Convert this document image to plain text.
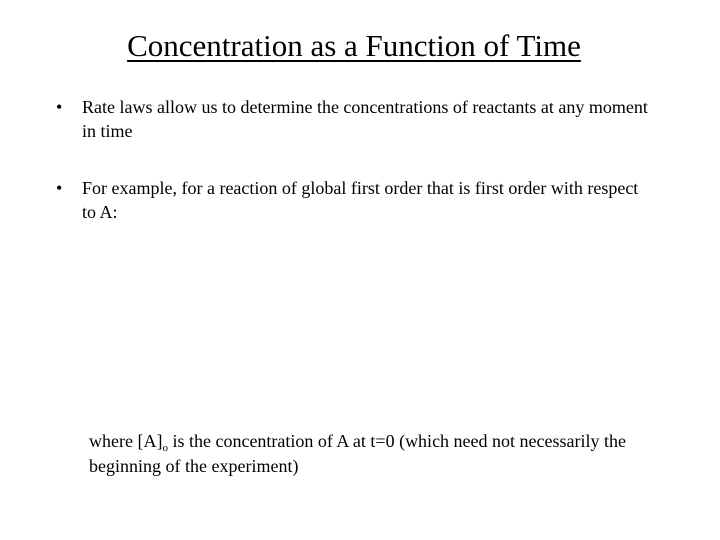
Concentration as a Function of Time
•	Rate laws allow us to determine the concentrations of reactants at any moment in time
•	For example, for a reaction of global first order that is first order with respect to A:
where $[A]_o$ is the concentration of A at t=0 (which need not necessarily the beginning of the experiment)
